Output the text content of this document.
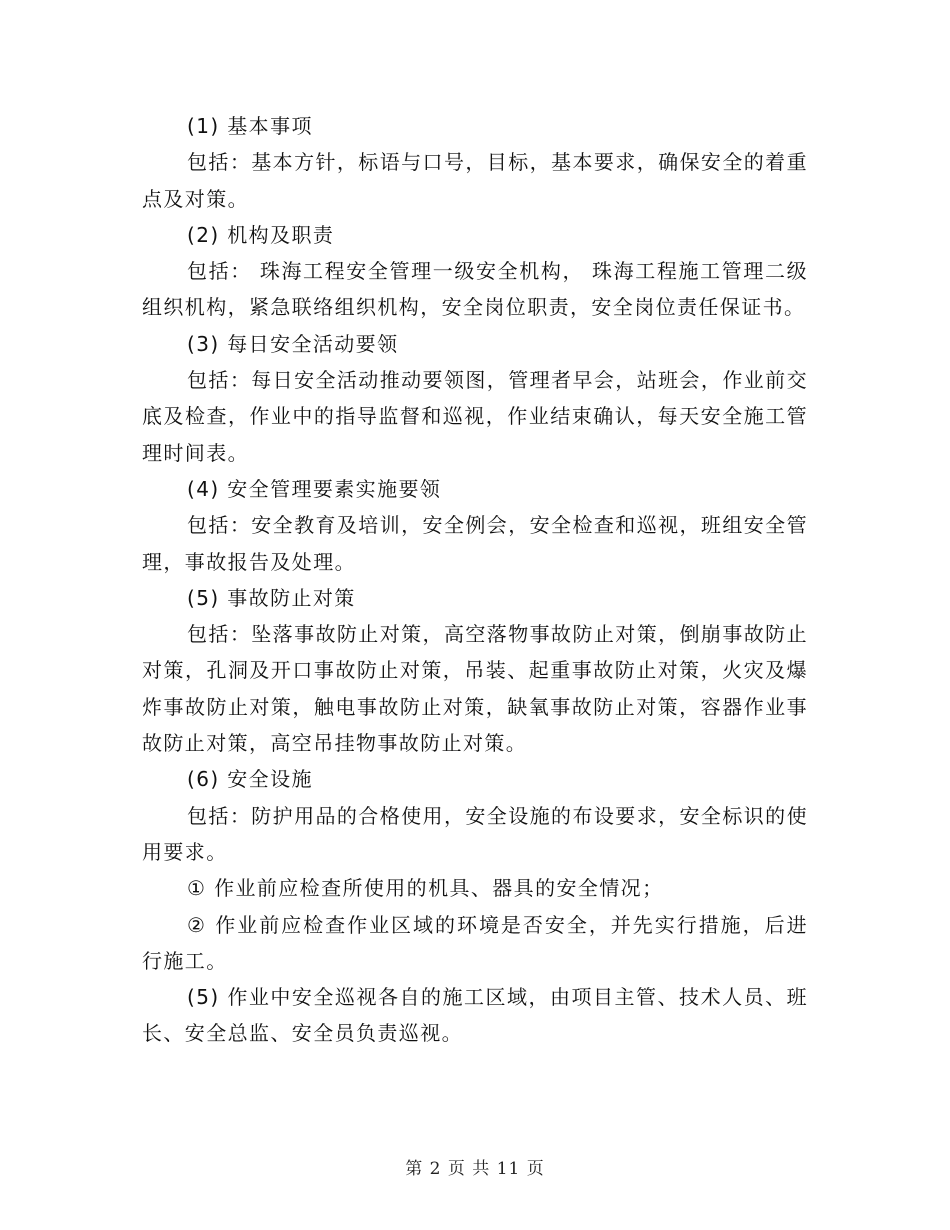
(1) 基本事项

包括：基本方针，标语与口号，目标，基本要求，确保安全的着重点及对策。

(2) 机构及职责

包括： 珠海工程安全管理一级安全机构， 珠海工程施工管理二级组织机构，紧急联络组织机构，安全岗位职责，安全岗位责任保证书。

(3) 每日安全活动要领

包括：每日安全活动推动要领图，管理者早会，站班会，作业前交底及检查，作业中的指导监督和巡视，作业结束确认，每天安全施工管理时间表。

(4) 安全管理要素实施要领

包括：安全教育及培训，安全例会，安全检查和巡视，班组安全管理，事故报告及处理。

(5) 事故防止对策

包括：坠落事故防止对策，高空落物事故防止对策，倒崩事故防止对策，孔洞及开口事故防止对策，吊装、起重事故防止对策，火灾及爆炸事故防止对策，触电事故防止对策，缺氧事故防止对策，容器作业事故防止对策，高空吊挂物事故防止对策。

(6) 安全设施

包括：防护用品的合格使用，安全设施的布设要求，安全标识的使用要求。

① 作业前应检查所使用的机具、器具的安全情况；

② 作业前应检查作业区域的环境是否安全，并先实行措施，后进行施工。

(5) 作业中安全巡视各自的施工区域，由项目主管、技术人员、班长、安全总监、安全员负责巡视。

第 2 页 共 11 页
